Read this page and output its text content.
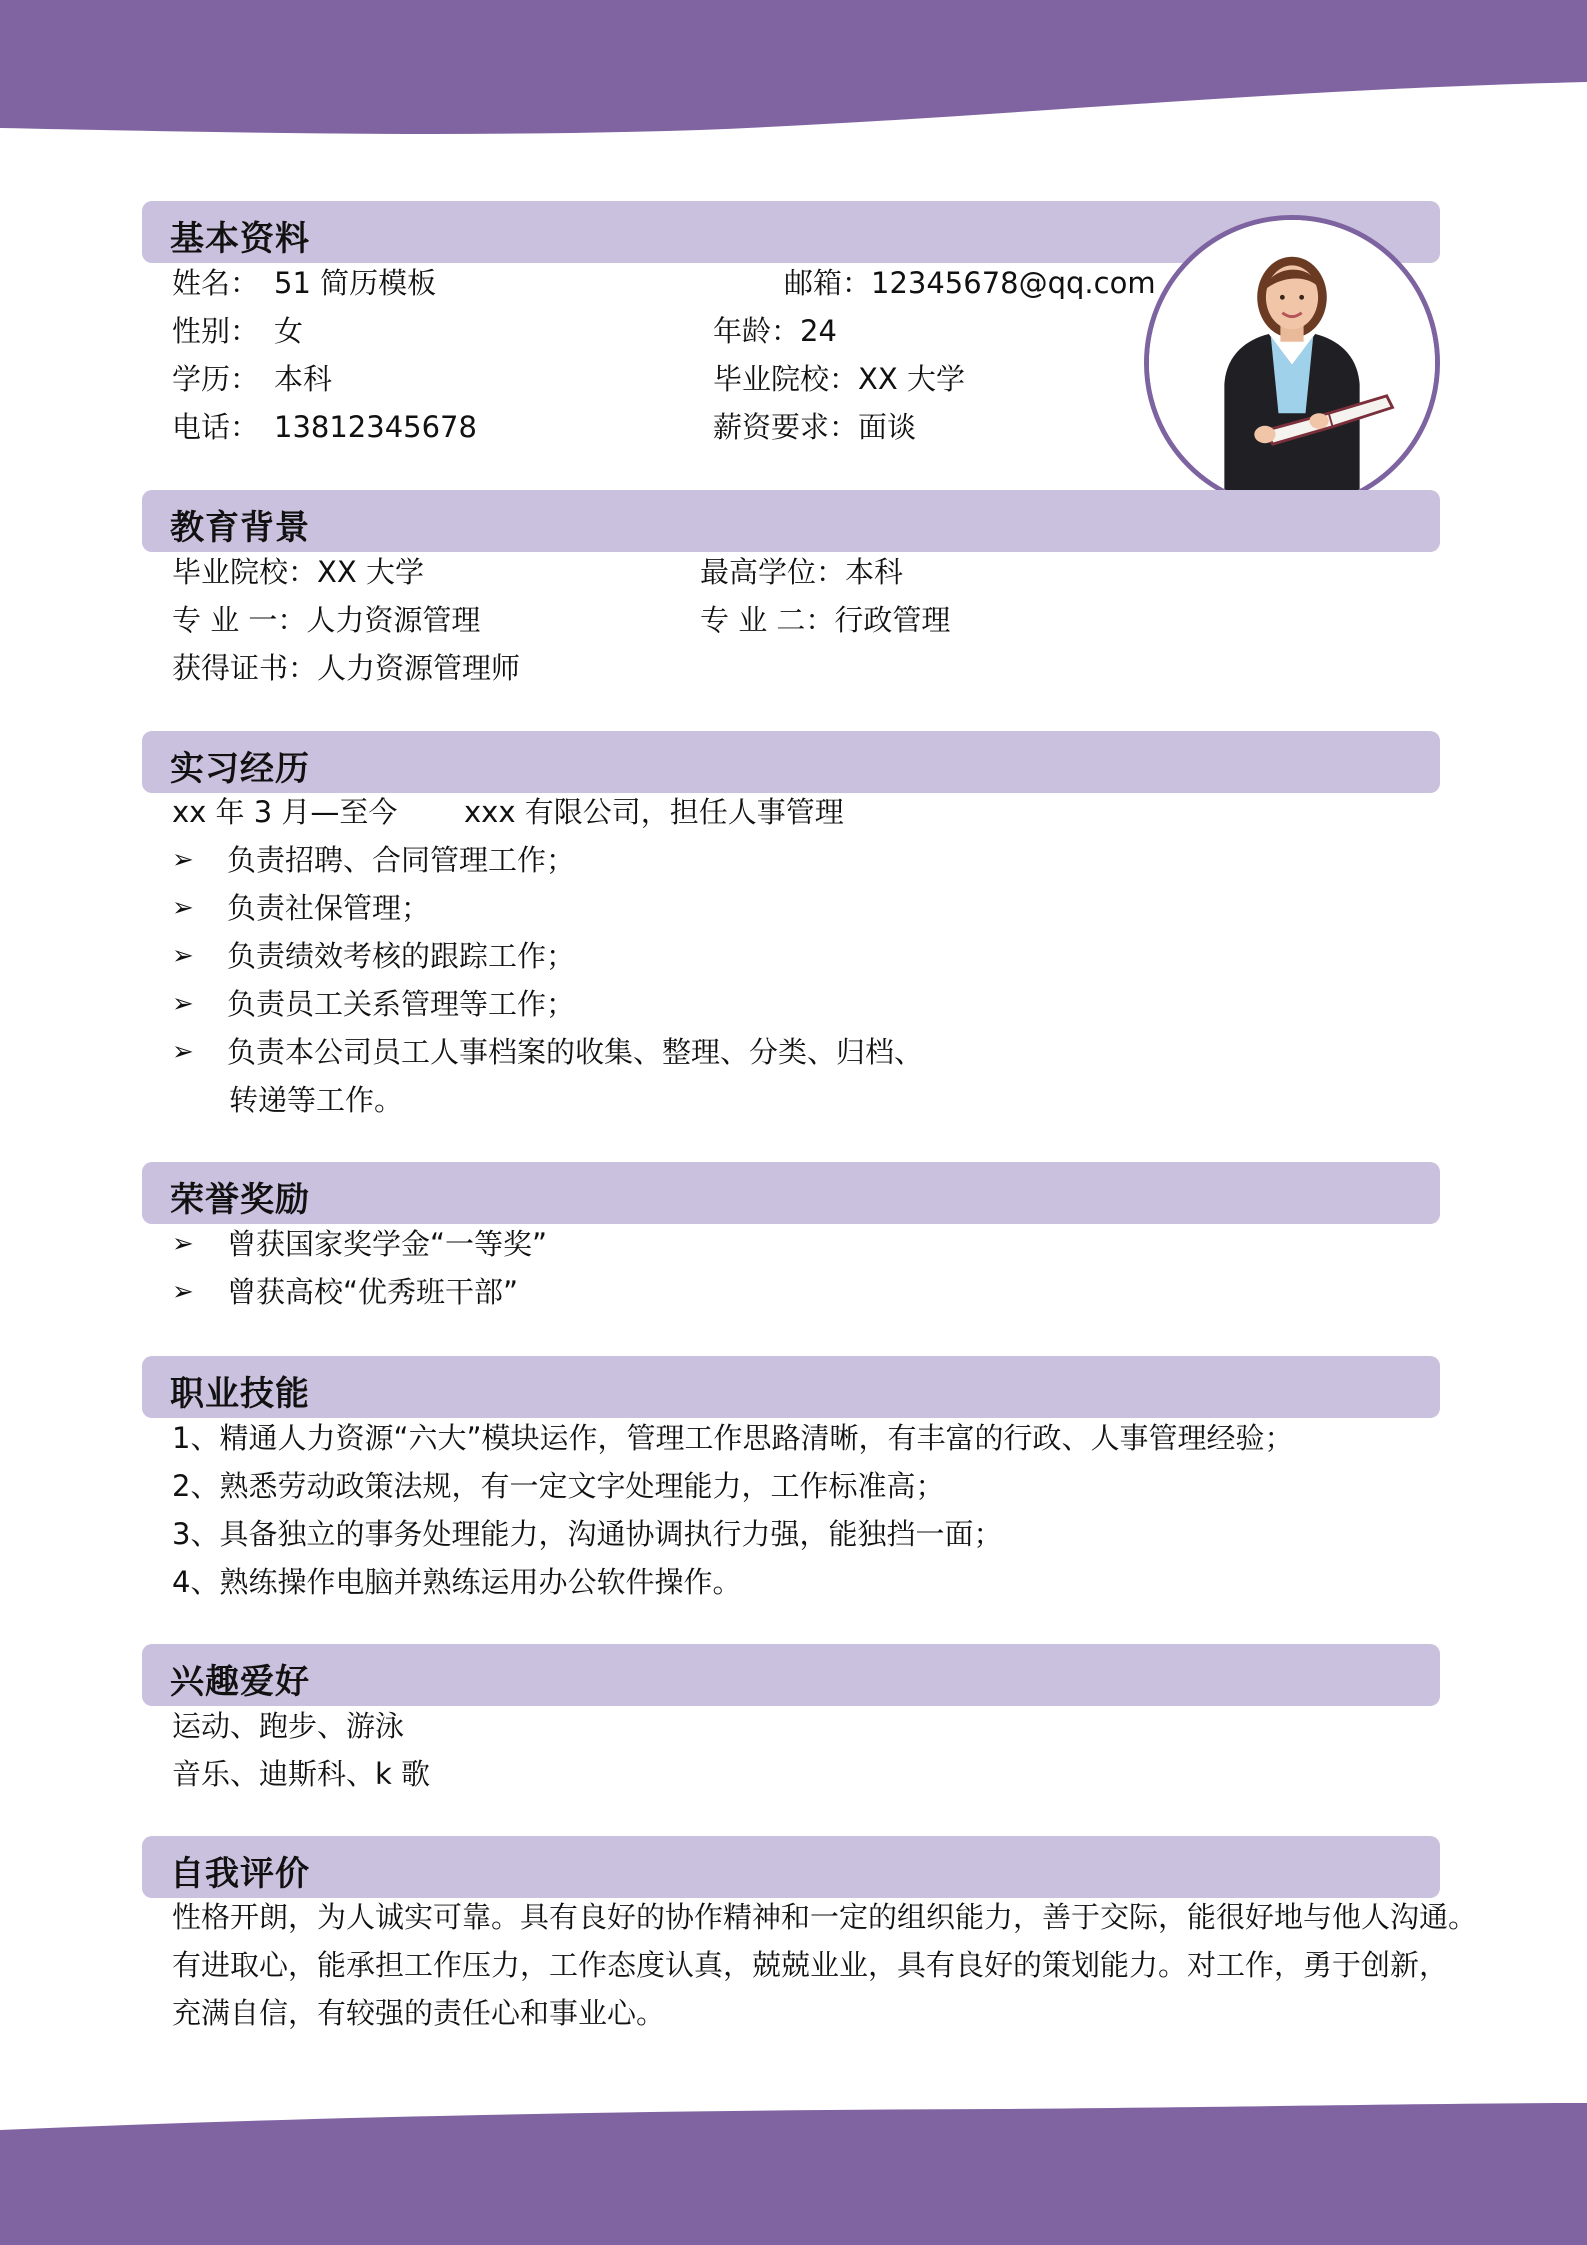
基本资料
姓名： 51 简历模板	邮箱：12345678@qq.com
性别： 女	年龄：24
学历： 本科	毕业院校：XX 大学
电话： 13812345678	薪资要求：面谈
教育背景
毕业院校：XX 大学	最高学位：本科
专 业 一：人力资源管理	专 业 二：行政管理
获得证书：人力资源管理师
实习经历
xx 年 3 月—至今 xxx 有限公司，担任人事管理
➢ 负责招聘、合同管理工作；
➢ 负责社保管理；
➢ 负责绩效考核的跟踪工作；
➢ 负责员工关系管理等工作；
➢ 负责本公司员工人事档案的收集、整理、分类、归档、
转递等工作。
荣誉奖励
➢ 曾获国家奖学金“一等奖”
➢ 曾获高校“优秀班干部”
职业技能
1、精通人力资源“六大”模块运作，管理工作思路清晰，有丰富的行政、人事管理经验；
2、熟悉劳动政策法规，有一定文字处理能力，工作标准高；
3、具备独立的事务处理能力，沟通协调执行力强，能独挡一面；
4、熟练操作电脑并熟练运用办公软件操作。
兴趣爱好
运动、跑步、游泳
音乐、迪斯科、k 歌
自我评价
性格开朗，为人诚实可靠。具有良好的协作精神和一定的组织能力，善于交际，能很好地与他人沟通。
有进取心，能承担工作压力，工作态度认真，兢兢业业，具有良好的策划能力。对工作，勇于创新，
充满自信，有较强的责任心和事业心。
